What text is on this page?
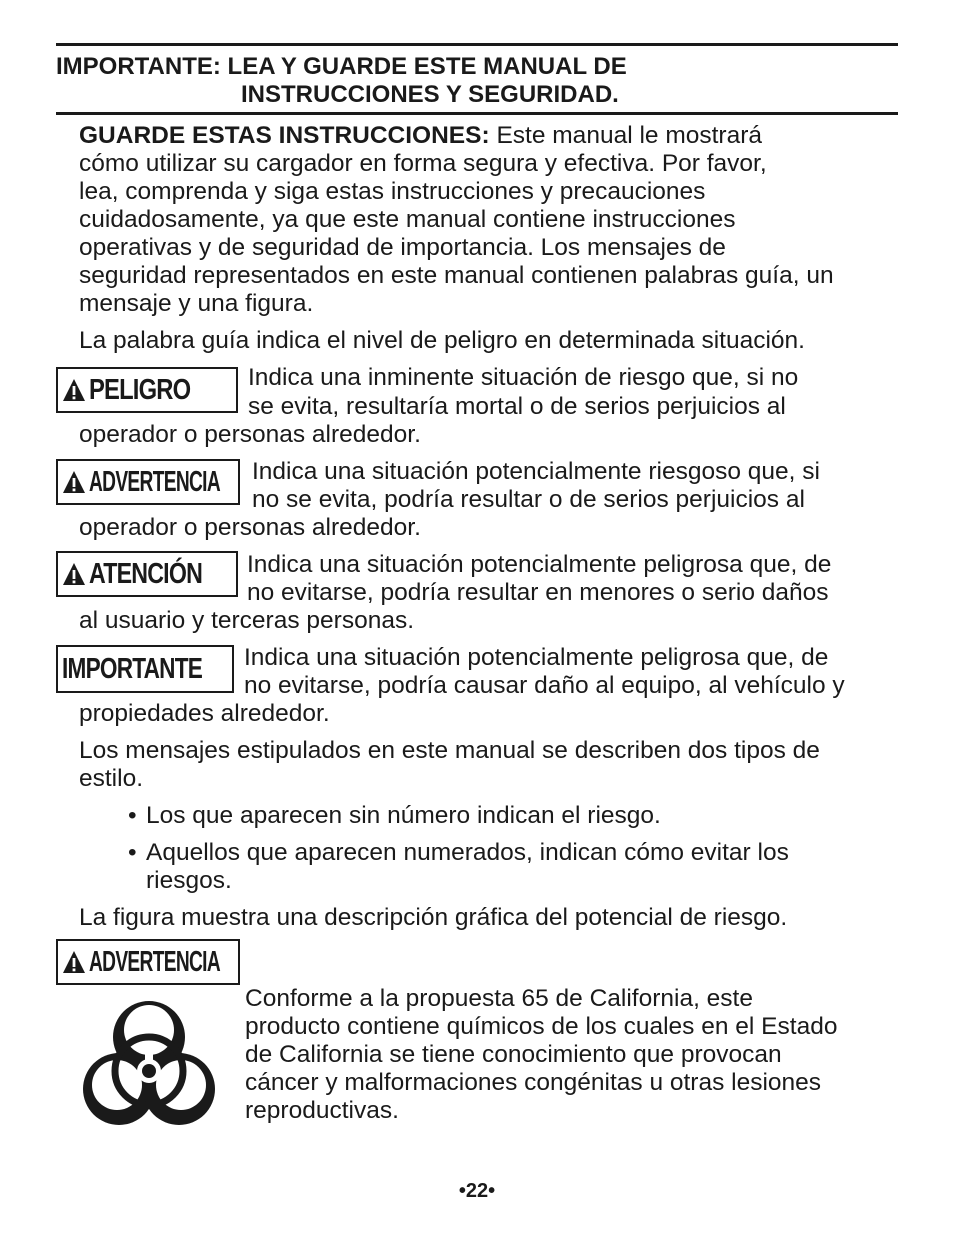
IMPORTANTE: LEA Y GUARDE ESTE MANUAL DE
INSTRUCCIONES Y SEGURIDAD.
GUARDE ESTAS INSTRUCCIONES: Este manual le mostrará
cómo utilizar su cargador en forma segura y efectiva. Por favor,
lea, comprenda y siga estas instrucciones y precauciones
cuidadosamente, ya que este manual contiene instrucciones
operativas y de seguridad de importancia. Los mensajes de
seguridad representados en este manual contienen palabras guía, un
mensaje y una figura.
La palabra guía indica el nivel de peligro en determinada situación.
PELIGRO Indica una inminente situación de riesgo que, si no
se evita, resultaría mortal o de serios perjuicios al
operador o personas alrededor.
ADVERTENCIA Indica una situación potencialmente riesgoso que, si
no se evita, podría resultar o de serios perjuicios al
operador o personas alrededor.
ATENCIÓN Indica una situación potencialmente peligrosa que, de
no evitarse, podría resultar en menores o serio daños
al usuario y terceras personas.
IMPORTANTE Indica una situación potencialmente peligrosa que, de
no evitarse, podría causar daño al equipo, al vehículo y
propiedades alrededor.
Los mensajes estipulados en este manual se describen dos tipos de
estilo.
• Los que aparecen sin número indican el riesgo.
• Aquellos que aparecen numerados, indican cómo evitar los
riesgos.
La figura muestra una descripción gráfica del potencial de riesgo.
ADVERTENCIA
Conforme a la propuesta 65 de California, este
producto contiene químicos de los cuales en el Estado
de California se tiene conocimiento que provocan
cáncer y malformaciones congénitas u otras lesiones
reproductivas.
•22•
